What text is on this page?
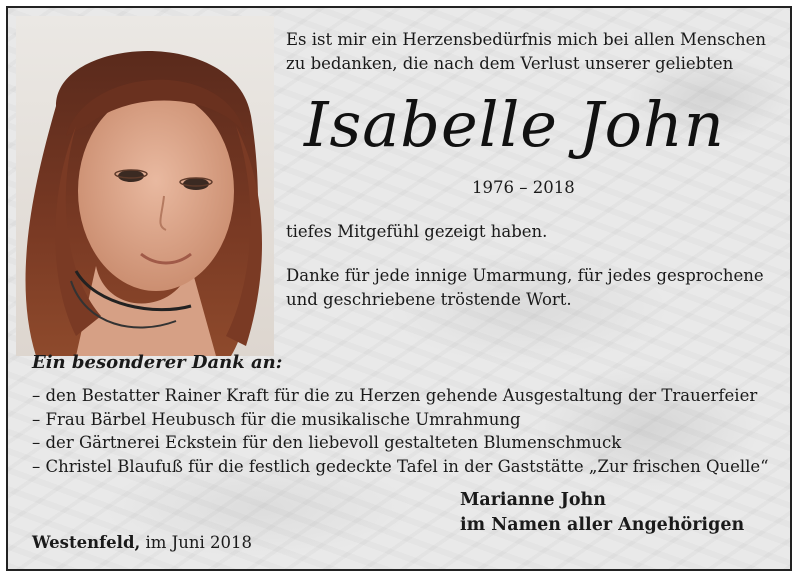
Es ist mir ein Herzensbedürfnis mich bei allen Menschen
zu bedanken, die nach dem Verlust unserer geliebten
Isabelle John
1976 – 2018
tiefes Mitgefühl gezeigt haben.
Danke für jede innige Umarmung, für jedes gesprochene
und geschriebene tröstende Wort.
Ein besonderer Dank an:
– den Bestatter Rainer Kraft für die zu Herzen gehende Ausgestaltung der Trauerfeier
– Frau Bärbel Heubusch für die musikalische Umrahmung
– der Gärtnerei Eckstein für den liebevoll gestalteten Blumenschmuck
– Christel Blaufuß für die festlich gedeckte Tafel in der Gaststätte „Zur frischen Quelle“
Marianne John
im Namen aller Angehörigen
Westenfeld, im Juni 2018
